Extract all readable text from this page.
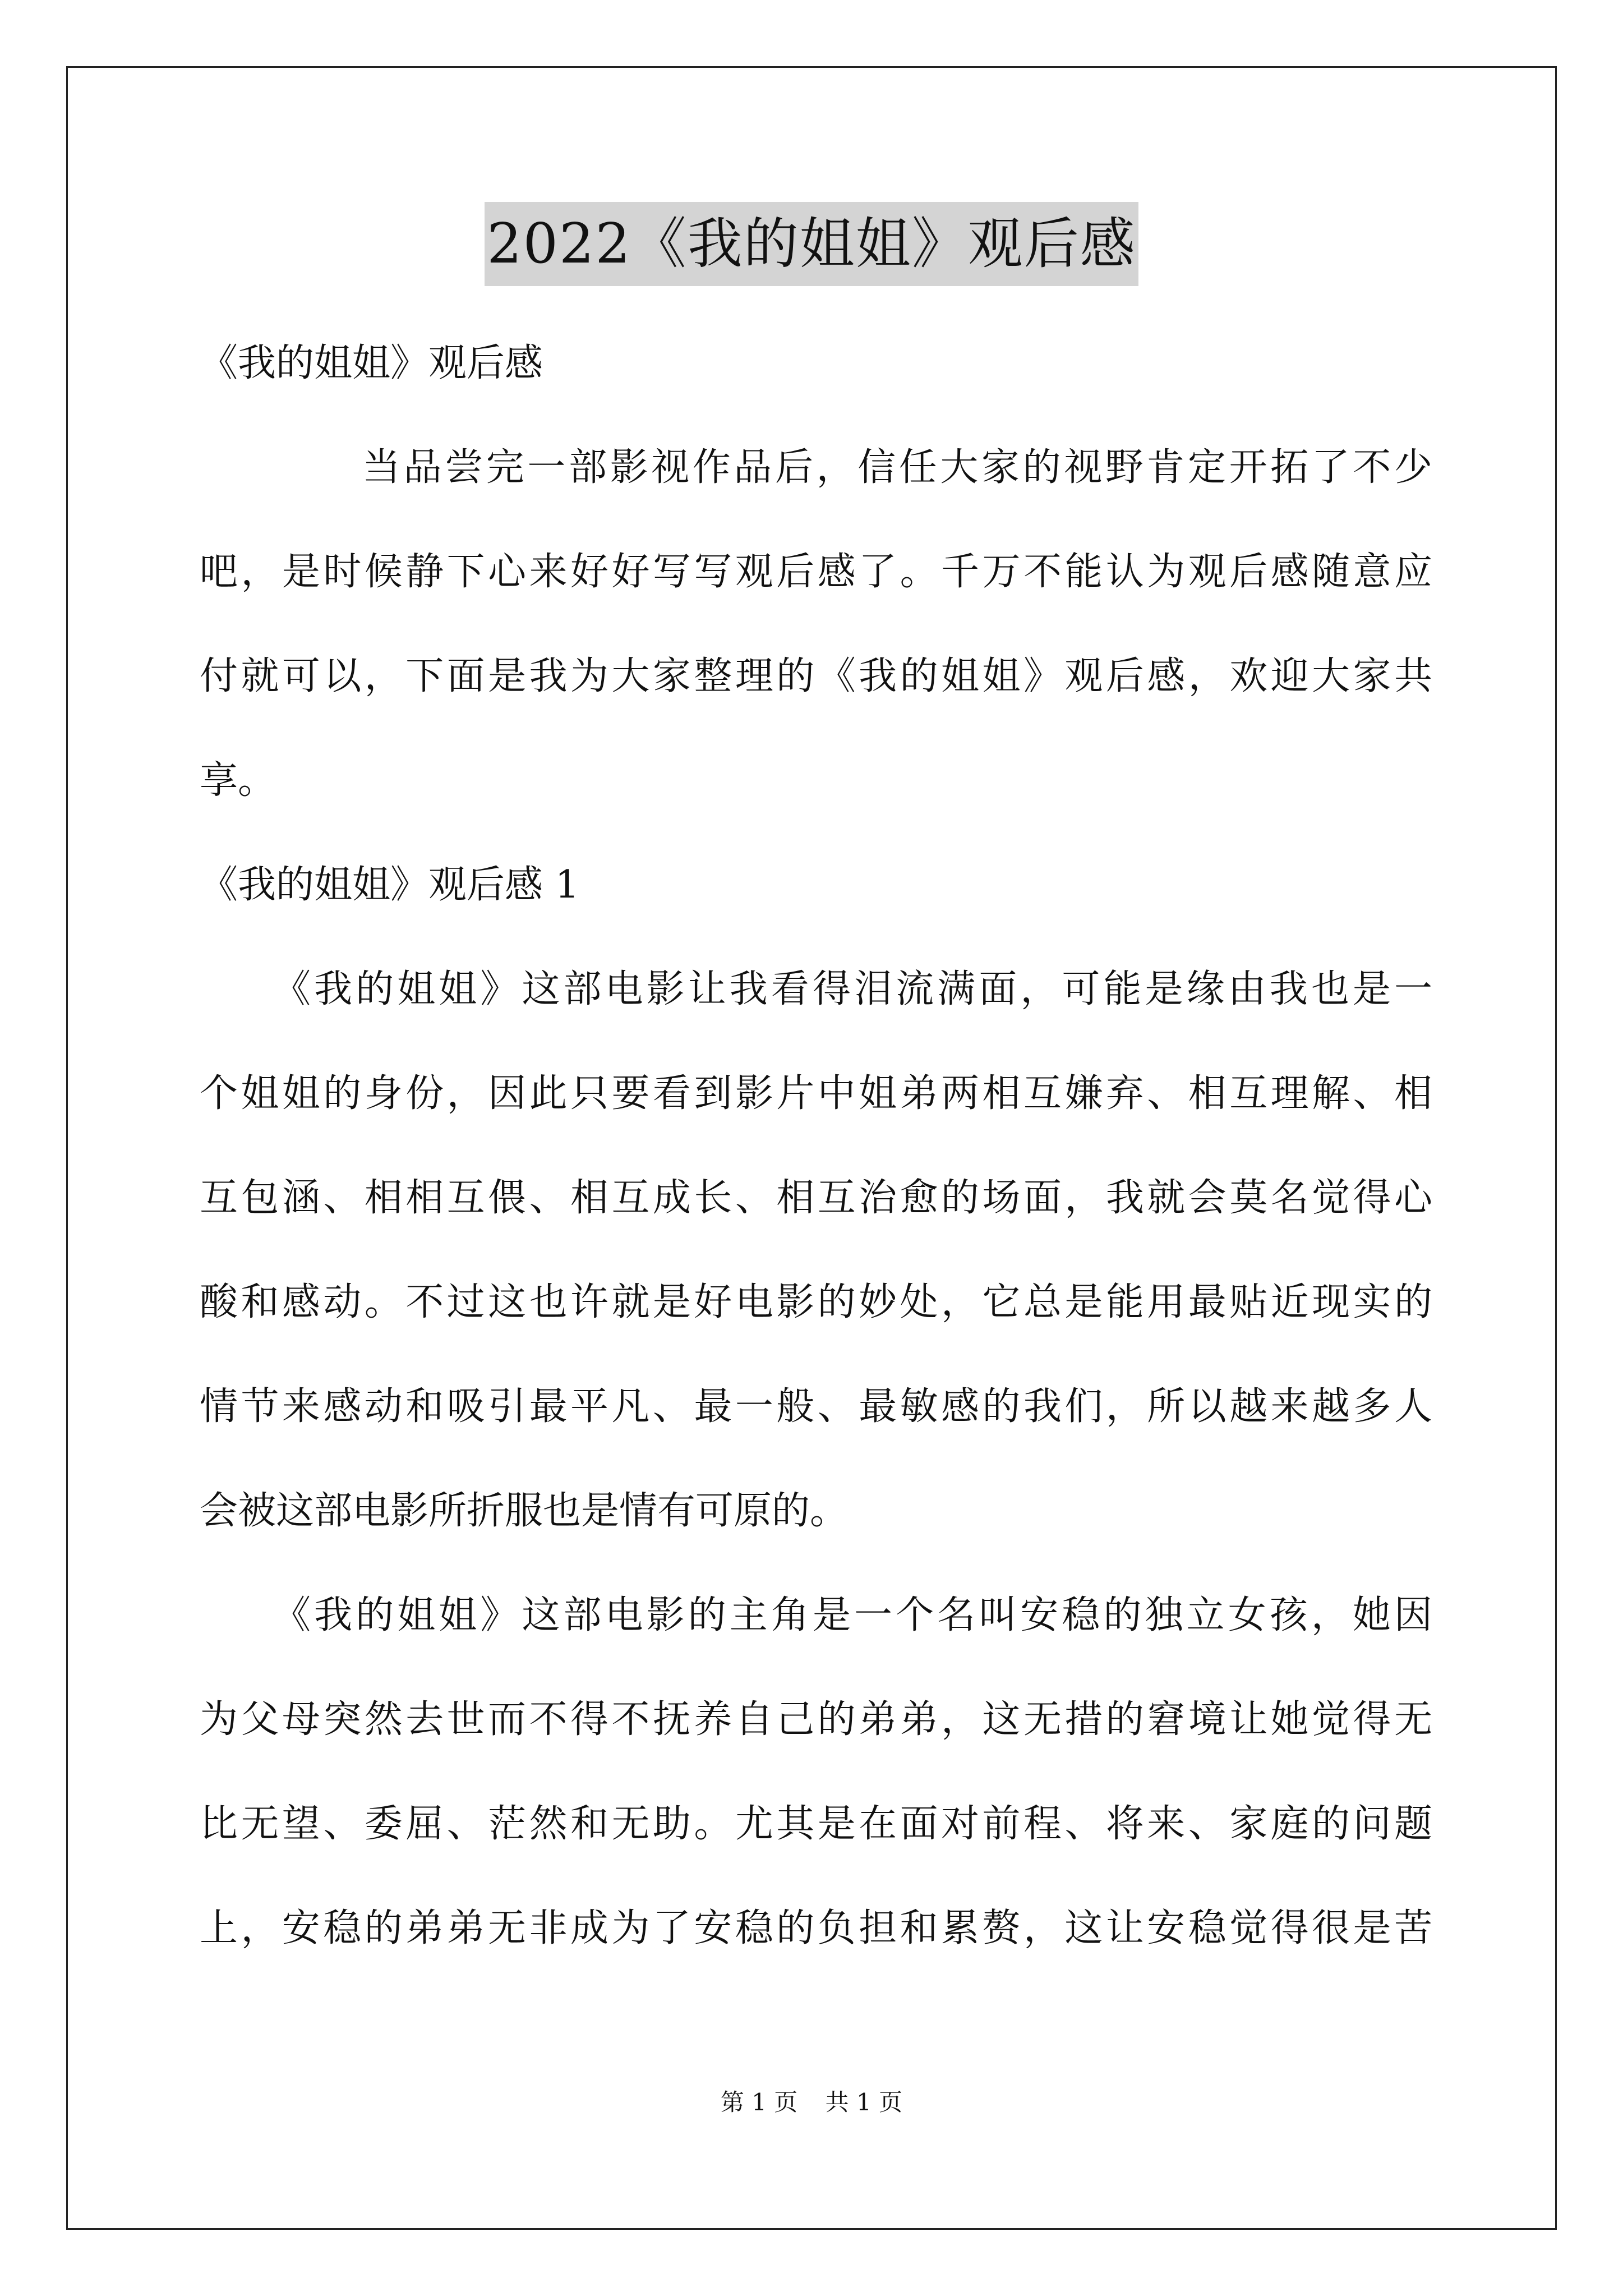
2022《我的姐姐》观后感
《我的姐姐》观后感
当品尝完一部影视作品后，信任大家的视野肯定开拓了不少
吧，是时候静下心来好好写写观后感了。千万不能认为观后感随意应
付就可以，下面是我为大家整理的《我的姐姐》观后感，欢迎大家共
享。
《我的姐姐》观后感 1
《我的姐姐》这部电影让我看得泪流满面，可能是缘由我也是一
个姐姐的身份，因此只要看到影片中姐弟两相互嫌弃、相互理解、相
互包涵、相相互偎、相互成长、相互治愈的场面，我就会莫名觉得心
酸和感动。不过这也许就是好电影的妙处，它总是能用最贴近现实的
情节来感动和吸引最平凡、最一般、最敏感的我们，所以越来越多人
会被这部电影所折服也是情有可原的。
《我的姐姐》这部电影的主角是一个名叫安稳的独立女孩，她因
为父母突然去世而不得不抚养自己的弟弟，这无措的窘境让她觉得无
比无望、委屈、茫然和无助。尤其是在面对前程、将来、家庭的问题
上，安稳的弟弟无非成为了安稳的负担和累赘，这让安稳觉得很是苦
第 1 页 共 1 页
